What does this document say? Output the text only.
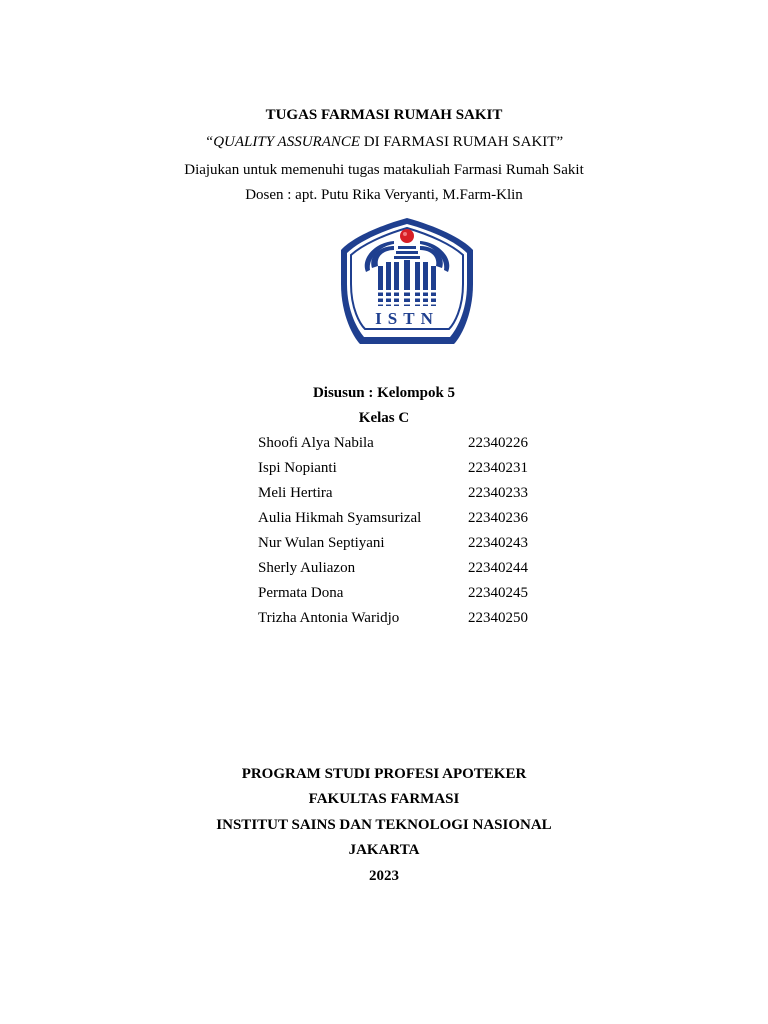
TUGAS FARMASI RUMAH SAKIT
“QUALITY ASSURANCE DI FARMASI RUMAH SAKIT”
Diajukan untuk memenuhi tugas matakuliah Farmasi Rumah Sakit
Dosen : apt. Putu Rika Veryanti, M.Farm-Klin
ISTN
Disusun : Kelompok 5
Kelas C
Shoofi Alya Nabila	22340226
Ispi Nopianti	22340231
Meli Hertira	22340233
Aulia Hikmah Syamsurizal	22340236
Nur Wulan Septiyani	22340243
Sherly Auliazon	22340244
Permata Dona	22340245
Trizha Antonia Waridjo	22340250
PROGRAM STUDI PROFESI APOTEKER
FAKULTAS FARMASI
INSTITUT SAINS DAN TEKNOLOGI NASIONAL
JAKARTA
2023
